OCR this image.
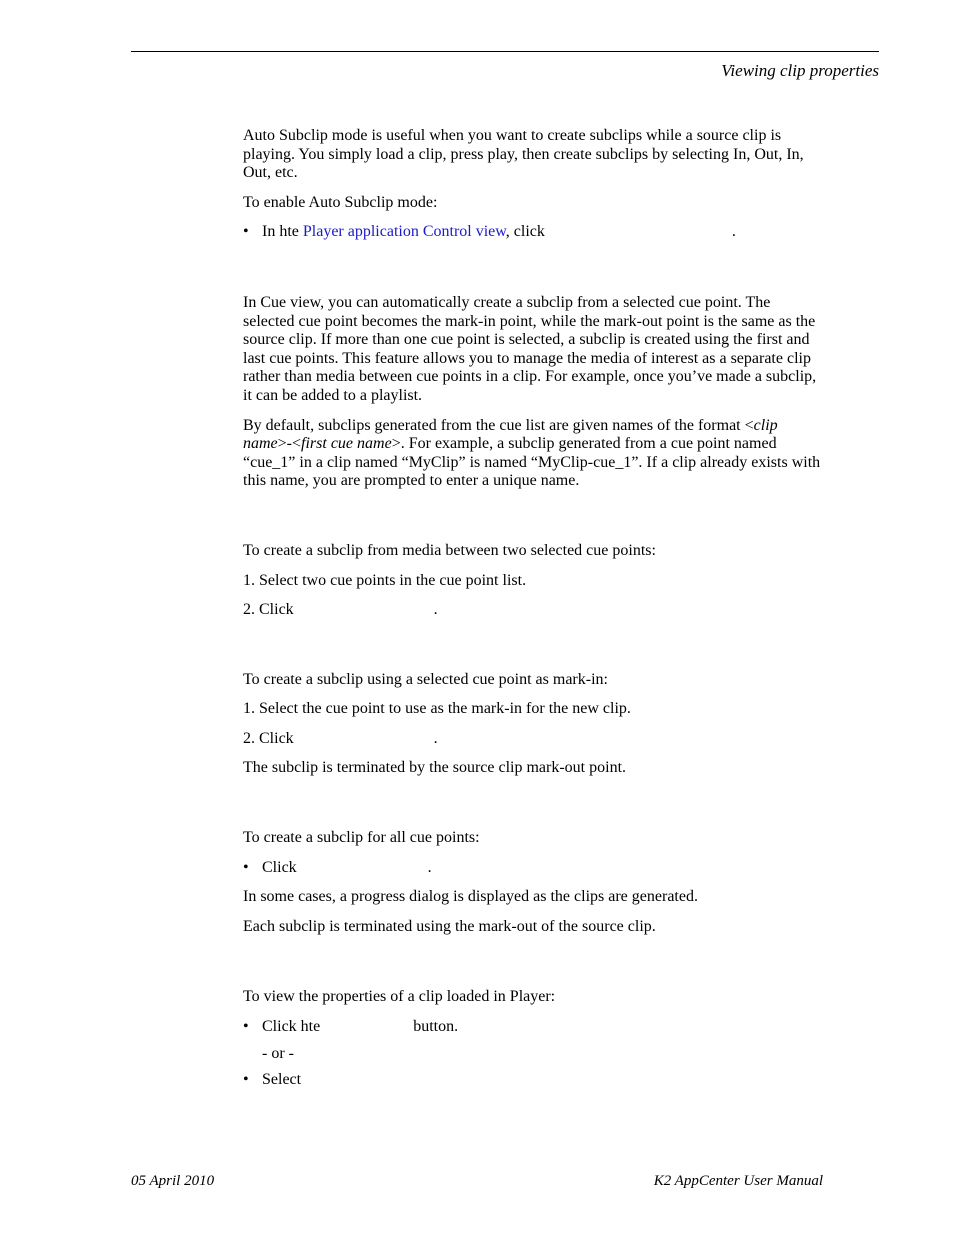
Viewing clip properties

Auto Subclip mode is useful when you want to create subclips while a source clip is playing. You simply load a clip, press play, then create subclips by selecting In, Out, In, Out, etc.

To enable Auto Subclip mode:

• In hte Player application Control view, click	.

In Cue view, you can automatically create a subclip from a selected cue point. The selected cue point becomes the mark-in point, while the mark-out point is the same as the source clip. If more than one cue point is selected, a subclip is created using the first and last cue points. This feature allows you to manage the media of interest as a separate clip rather than media between cue points in a clip. For example, once you’ve made a subclip, it can be added to a playlist.

By default, subclips generated from the cue list are given names of the format <clip name>-<first cue name>. For example, a subclip generated from a cue point named “cue_1” in a clip named “MyClip” is named “MyClip-cue_1”. If a clip already exists with this name, you are prompted to enter a unique name.

To create a subclip from media between two selected cue points:

1. Select two cue points in the cue point list.

2. Click	.

To create a subclip using a selected cue point as mark-in:

1. Select the cue point to use as the mark-in for the new clip.

2. Click	.

The subclip is terminated by the source clip mark-out point.

To create a subclip for all cue points:

• Click	.

In some cases, a progress dialog is displayed as the clips are generated.

Each subclip is terminated using the mark-out of the source clip.

To view the properties of a clip loaded in Player:

• Click hte	button.
- or -
• Select
05 April 2010	K2 AppCenter User Manual
